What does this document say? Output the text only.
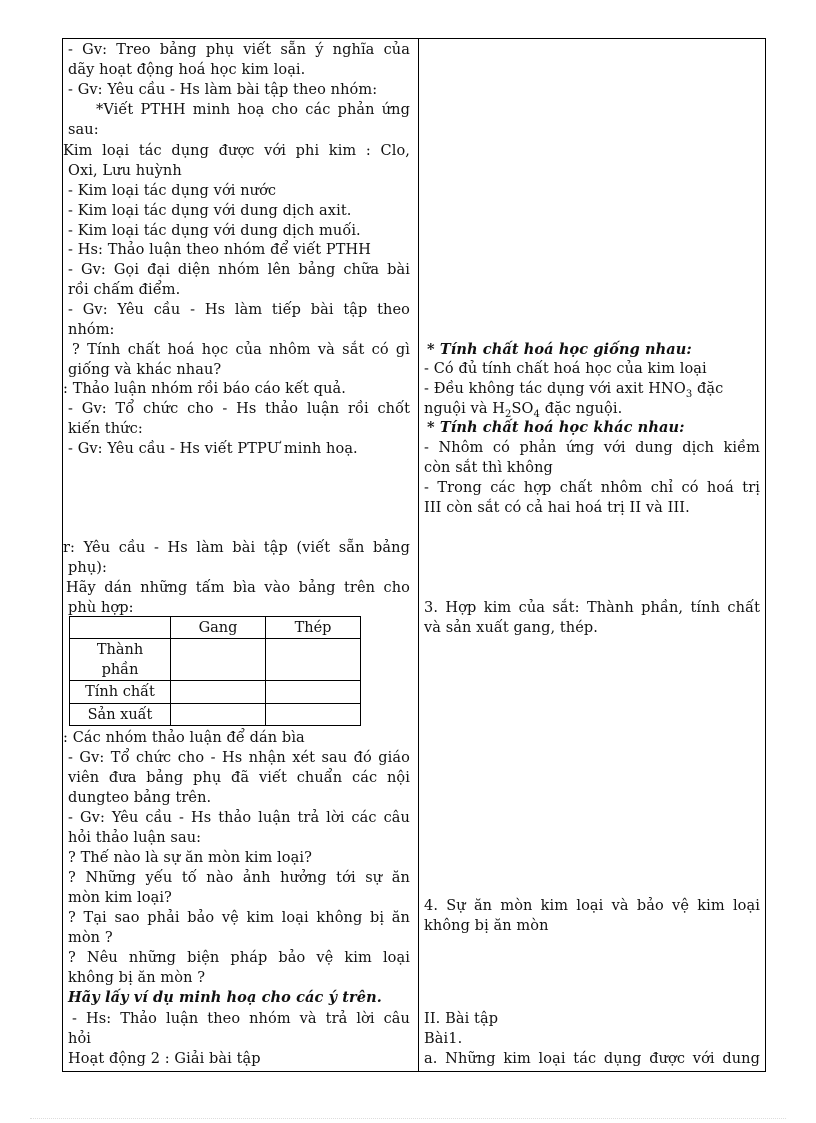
- Gv: Treo bảng phụ viết sẵn ý nghĩa của
dãy hoạt động hoá học kim loại.
- Gv: Yêu cầu - Hs làm bài tập theo nhóm:
*Viết PTHH minh hoạ cho các phản ứng
sau:
Kim loại tác dụng được với phi kim : Clo,
Oxi, Lưu huỳnh
- Kim loại tác dụng với nước
- Kim loại tác dụng với dung dịch axit.
- Kim loại tác dụng với dung dịch muối.
- Hs: Thảo luận theo nhóm để viết PTHH
- Gv: Gọi đại diện nhóm lên bảng chữa bài
rồi chấm điểm.
- Gv: Yêu cầu - Hs làm tiếp bài tập theo
nhóm:
? Tính chất hoá học của nhôm và sắt có gì
giống và khác nhau?
: Thảo luận nhóm rồi báo cáo kết quả.
- Gv: Tổ chức cho - Hs thảo luận rồi chốt
kiến thức:
- Gv: Yêu cầu - Hs viết PTPƯ minh hoạ.
r: Yêu cầu - Hs làm bài tập (viết sẵn bảng
phụ):
Hãy dán những tấm bìa vào bảng trên cho
phù hợp:
	Gang	Thép
Thành phần		
Tính chất		
Sản xuất		
: Các nhóm thảo luận để dán bìa
- Gv: Tổ chức cho - Hs nhận xét sau đó giáo
viên đưa bảng phụ đã viết chuẩn các nội
dungteo bảng trên.
- Gv: Yêu cầu - Hs thảo luận trả lời các câu
hỏi thảo luận sau:
? Thế nào là sự ăn mòn kim loại?
? Những yếu tố nào ảnh hưởng tới sự ăn
mòn kim loại?
? Tại sao phải bảo vệ kim loại không bị ăn
mòn ?
? Nêu những biện pháp bảo vệ kim loại
không bị ăn mòn ?
Hãy lấy ví dụ minh hoạ cho các ý trên.
- Hs: Thảo luận theo nhóm và trả lời câu
hỏi
Hoạt động 2 : Giải bài tập
* Tính chất hoá học giống nhau:
- Có đủ tính chất hoá học của kim loại
- Đều không tác dụng với axit $HNO_3$ đặc
nguội và $H_2SO_4$ đặc nguội.
* Tính chất hoá học khác nhau:
- Nhôm có phản ứng với dung dịch kiềm
còn sắt thì không
- Trong các hợp chất nhôm chỉ có hoá trị
III còn sắt có cả hai hoá trị II và III.
3. Hợp kim của sắt: Thành phần, tính chất
và sản xuất gang, thép.
4. Sự ăn mòn kim loại và bảo vệ kim loại
không bị ăn mòn
II. Bài tập
Bài1.
a. Những kim loại tác dụng được với dung
